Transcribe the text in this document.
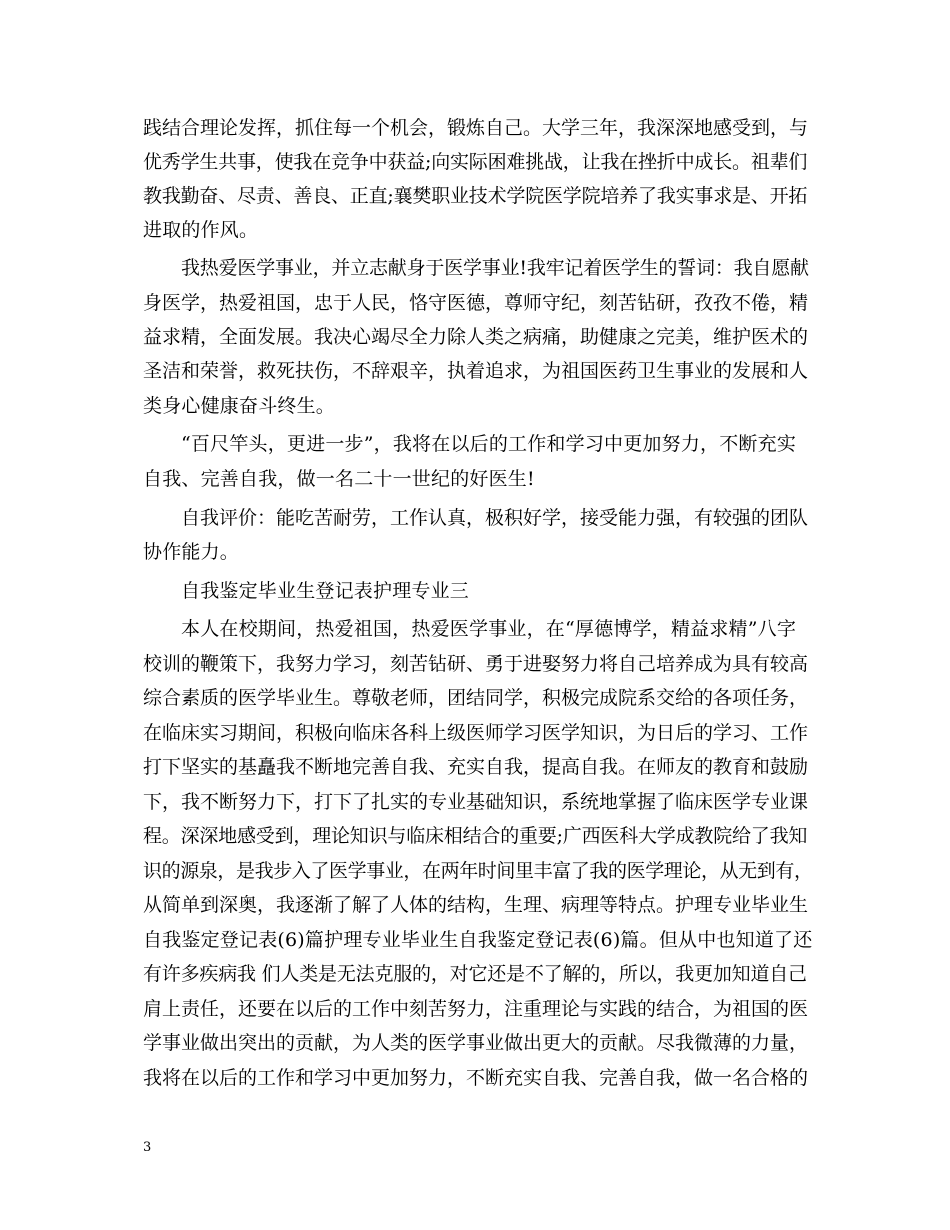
践结合理论发挥，抓住每一个机会，锻炼自己。大学三年，我深深地感受到，与
优秀学生共事，使我在竞争中获益;向实际困难挑战，让我在挫折中成长。祖辈们
教我勤奋、尽责、善良、正直;襄樊职业技术学院医学院培养了我实事求是、开拓
进取的作风。
我热爱医学事业，并立志献身于医学事业!我牢记着医学生的誓词：我自愿献
身医学，热爱祖国，忠于人民，恪守医德，尊师守纪，刻苦钻研，孜孜不倦，精
益求精，全面发展。我决心竭尽全力除人类之病痛，助健康之完美，维护医术的
圣洁和荣誉，救死扶伤，不辞艰辛，执着追求，为祖国医药卫生事业的发展和人
类身心健康奋斗终生。
“百尺竿头，更进一步”，我将在以后的工作和学习中更加努力，不断充实
自我、完善自我，做一名二十一世纪的好医生!
自我评价：能吃苦耐劳，工作认真，极积好学，接受能力强，有较强的团队
协作能力。
自我鉴定毕业生登记表护理专业三
本人在校期间，热爱祖国，热爱医学事业，在“厚德博学，精益求精”八字
校训的鞭策下，我努力学习，刻苦钻研、勇于进娶努力将自己培养成为具有较高
综合素质的医学毕业生。尊敬老师，团结同学，积极完成院系交给的各项任务，
在临床实习期间，积极向临床各科上级医师学习医学知识，为日后的学习、工作
打下坚实的基矗我不断地完善自我、充实自我，提高自我。在师友的教育和鼓励
下，我不断努力下，打下了扎实的专业基础知识，系统地掌握了临床医学专业课
程。深深地感受到，理论知识与临床相结合的重要;广西医科大学成教院给了我知
识的源泉，是我步入了医学事业，在两年时间里丰富了我的医学理论，从无到有，
从简单到深奥，我逐渐了解了人体的结构，生理、病理等特点。护理专业毕业生
自我鉴定登记表(6)篇护理专业毕业生自我鉴定登记表(6)篇。但从中也知道了还
有许多疾病我 们人类是无法克服的，对它还是不了解的，所以，我更加知道自己
肩上责任，还要在以后的工作中刻苦努力，注重理论与实践的结合，为祖国的医
学事业做出突出的贡献，为人类的医学事业做出更大的贡献。尽我微薄的力量，
我将在以后的工作和学习中更加努力，不断充实自我、完善自我，做一名合格的
3
